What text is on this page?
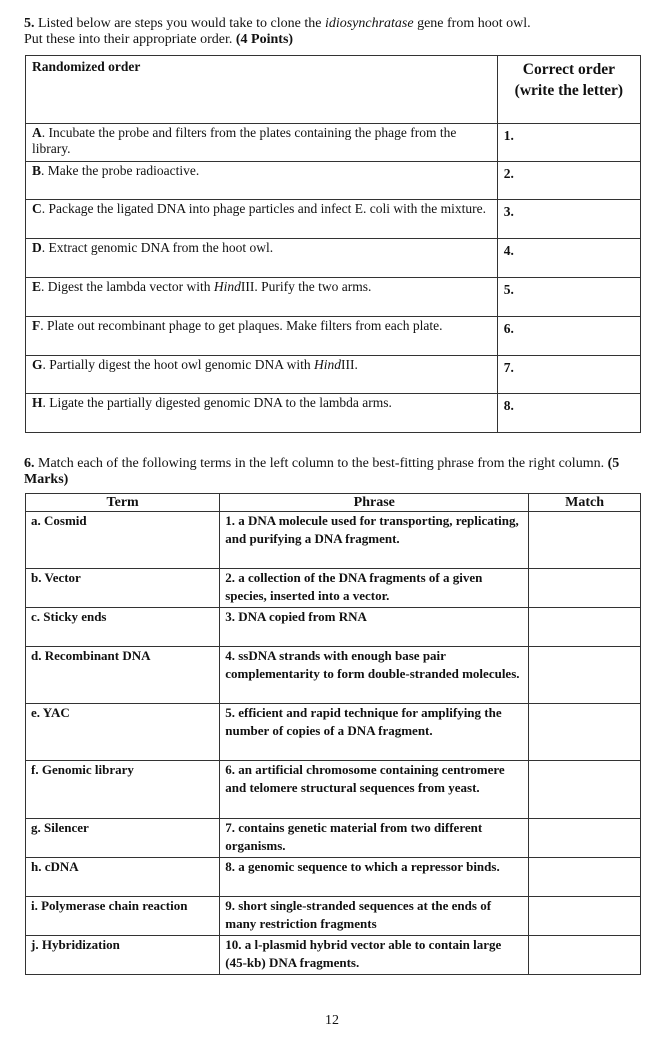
5. Listed below are steps you would take to clone the idiosynchratase gene from hoot owl.
Put these into their appropriate order. (4 Points)
Randomized order	Correct order (write the letter)
A. Incubate the probe and filters from the plates containing the phage from the library.	1.
B. Make the probe radioactive.	2.
C. Package the ligated DNA into phage particles and infect E. coli with the mixture.	3.
D. Extract genomic DNA from the hoot owl.	4.
E. Digest the lambda vector with HindIII. Purify the two arms.	5.
F. Plate out recombinant phage to get plaques. Make filters from each plate.	6.
G. Partially digest the hoot owl genomic DNA with HindIII.	7.
H. Ligate the partially digested genomic DNA to the lambda arms.	8.
6. Match each of the following terms in the left column to the best-fitting phrase from the right column. (5 Marks)
Term	Phrase	Match
a. Cosmid	1. a DNA molecule used for transporting, replicating, and purifying a DNA fragment.	
b. Vector	2. a collection of the DNA fragments of a given species, inserted into a vector.	
c. Sticky ends	3. DNA copied from RNA	
d. Recombinant DNA	4. ssDNA strands with enough base pair complementarity to form double-stranded molecules.	
e. YAC	5. efficient and rapid technique for amplifying the number of copies of a DNA fragment.	
f. Genomic library	6. an artificial chromosome containing centromere and telomere structural sequences from yeast.	
g. Silencer	7. contains genetic material from two different organisms.	
h. cDNA	8. a genomic sequence to which a repressor binds.	
i. Polymerase chain reaction	9. short single-stranded sequences at the ends of many restriction fragments	
j. Hybridization	10. a l-plasmid hybrid vector able to contain large (45-kb) DNA fragments.	
12
